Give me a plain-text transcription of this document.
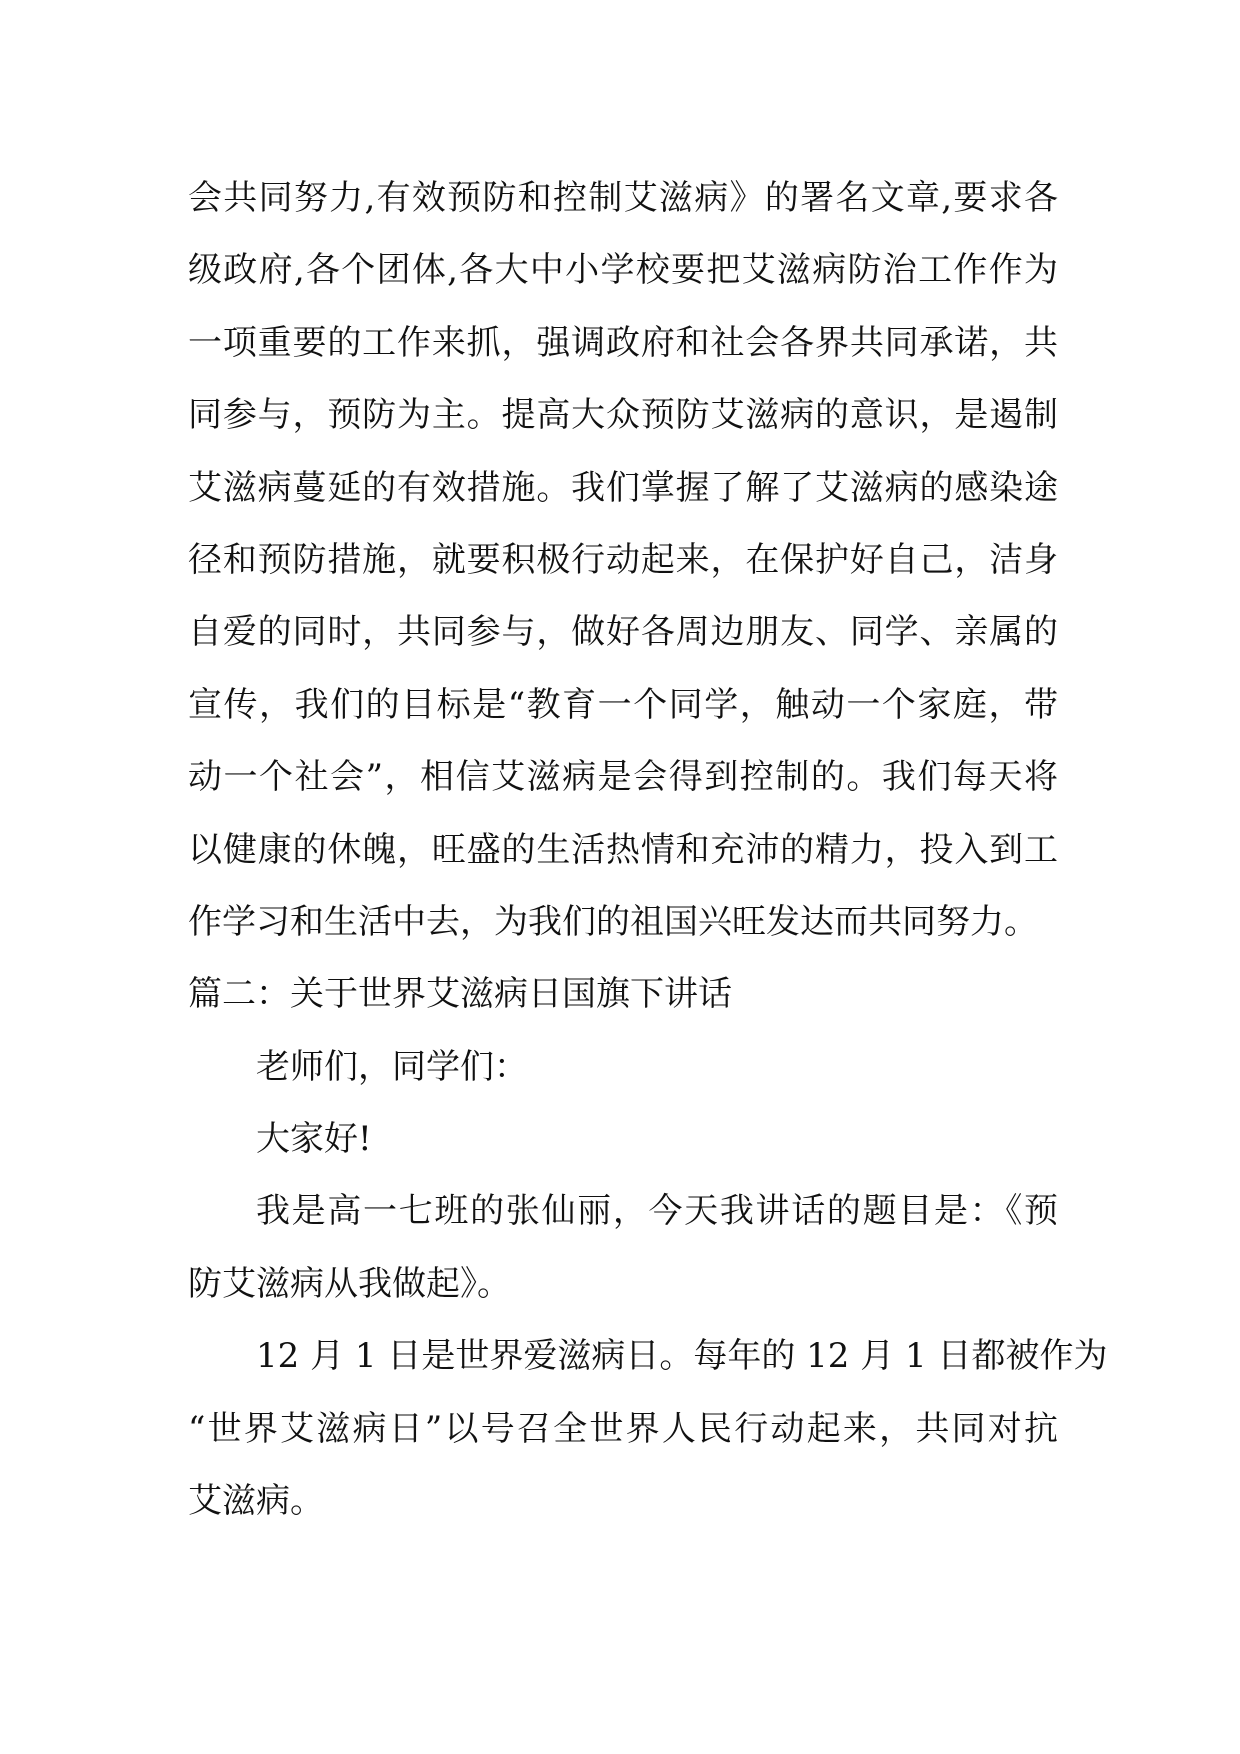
会共同努力,有效预防和控制艾滋病》的署名文章,要求各
级政府,各个团体,各大中小学校要把艾滋病防治工作作为
一项重要的工作来抓，强调政府和社会各界共同承诺，共
同参与，预防为主。提高大众预防艾滋病的意识，是遏制
艾滋病蔓延的有效措施。我们掌握了解了艾滋病的感染途
径和预防措施，就要积极行动起来，在保护好自己，洁身
自爱的同时，共同参与，做好各周边朋友、同学、亲属的
宣传，我们的目标是“教育一个同学，触动一个家庭，带
动一个社会”，相信艾滋病是会得到控制的。我们每天将
以健康的休魄，旺盛的生活热情和充沛的精力，投入到工
作学习和生活中去，为我们的祖国兴旺发达而共同努力。
篇二：关于世界艾滋病日国旗下讲话
老师们，同学们：
大家好!
我是高一七班的张仙丽，今天我讲话的题目是：《预
防艾滋病从我做起》。
12 月 1 日是世界爱滋病日。每年的 12 月 1 日都被作为
“世界艾滋病日”以号召全世界人民行动起来，共同对抗
艾滋病。
